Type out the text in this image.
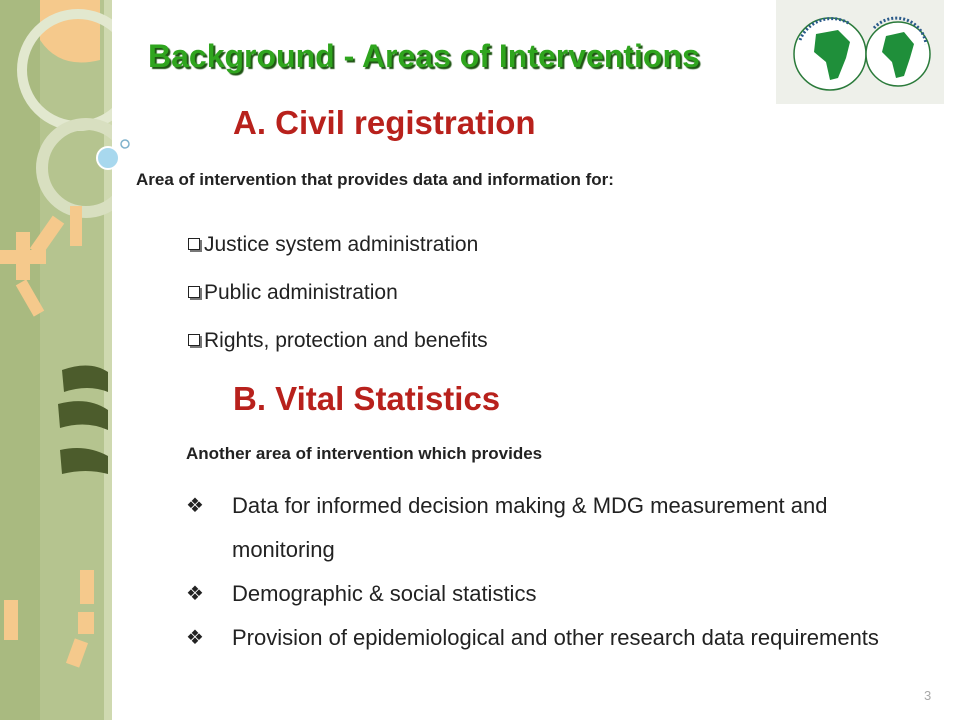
Background - Areas of Interventions
A. Civil registration
Area of intervention that provides data and information for:
Justice system administration
Public administration
Rights, protection and benefits
B. Vital Statistics
Another area of intervention which provides
❖	Data for informed decision making & MDG measurement and monitoring
❖	Demographic & social statistics
❖	Provision of epidemiological and other research data requirements
3
